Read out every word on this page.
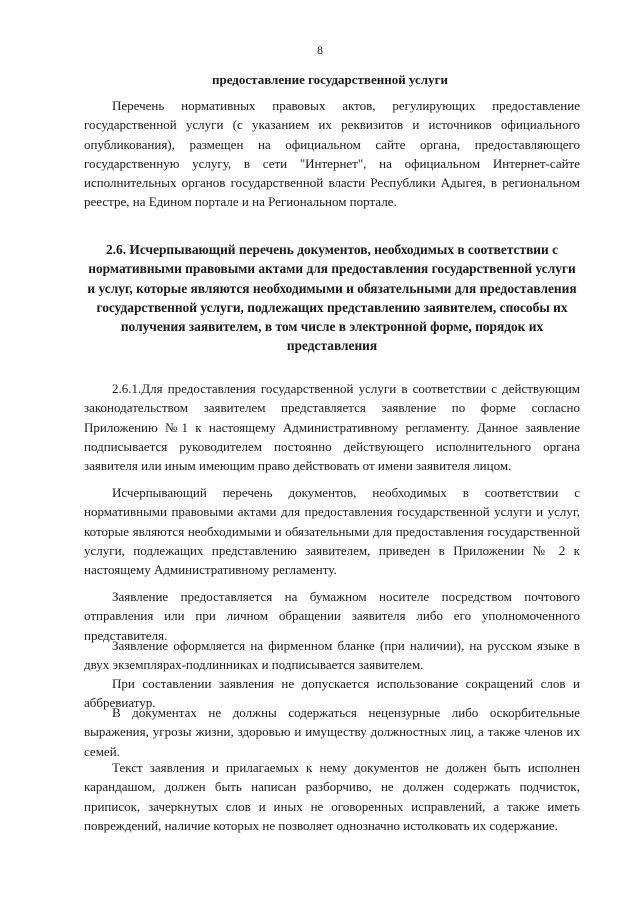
8
предоставление государственной услуги

Перечень нормативных правовых актов, регулирующих предоставление государственной услуги (с указанием их реквизитов и источников официального опубликования), размещен на официальном сайте органа, предоставляющего государственную услугу, в сети "Интернет", на официальном Интернет-сайте исполнительных органов государственной власти Республики Адыгея, в региональном реестре, на Едином портале и на Региональном портале.

2.6. Исчерпывающий перечень документов, необходимых в соответствии с нормативными правовыми актами для предоставления государственной услуги и услуг, которые являются необходимыми и обязательными для предоставления государственной услуги, подлежащих представлению заявителем, способы их получения заявителем, в том числе в электронной форме, порядок их представления

2.6.1.Для предоставления государственной услуги в соответствии с действующим законодательством заявителем представляется заявление по форме согласно Приложению №1 к настоящему Административному регламенту. Данное заявление подписывается руководителем постоянно действующего исполнительного органа заявителя или иным имеющим право действовать от имени заявителя лицом.

Исчерпывающий перечень документов, необходимых в соответствии с нормативными правовыми актами для предоставления государственной услуги и услуг, которые являются необходимыми и обязательными для предоставления государственной услуги, подлежащих представлению заявителем, приведен в Приложении № 2 к настоящему Административному регламенту.

Заявление предоставляется на бумажном носителе посредством почтового отправления или при личном обращении заявителя либо его уполномоченного представителя.

Заявление оформляется на фирменном бланке (при наличии), на русском языке в двух экземплярах-подлинниках и подписывается заявителем.

При составлении заявления не допускается использование сокращений слов и аббревиатур.

В документах не должны содержаться нецензурные либо оскорбительные выражения, угрозы жизни, здоровью и имуществу должностных лиц, а также членов их семей.

Текст заявления и прилагаемых к нему документов не должен быть исполнен карандашом, должен быть написан разборчиво, не должен содержать подчисток, приписок, зачеркнутых слов и иных не оговоренных исправлений, а также иметь повреждений, наличие которых не позволяет однозначно истолковать их содержание.
